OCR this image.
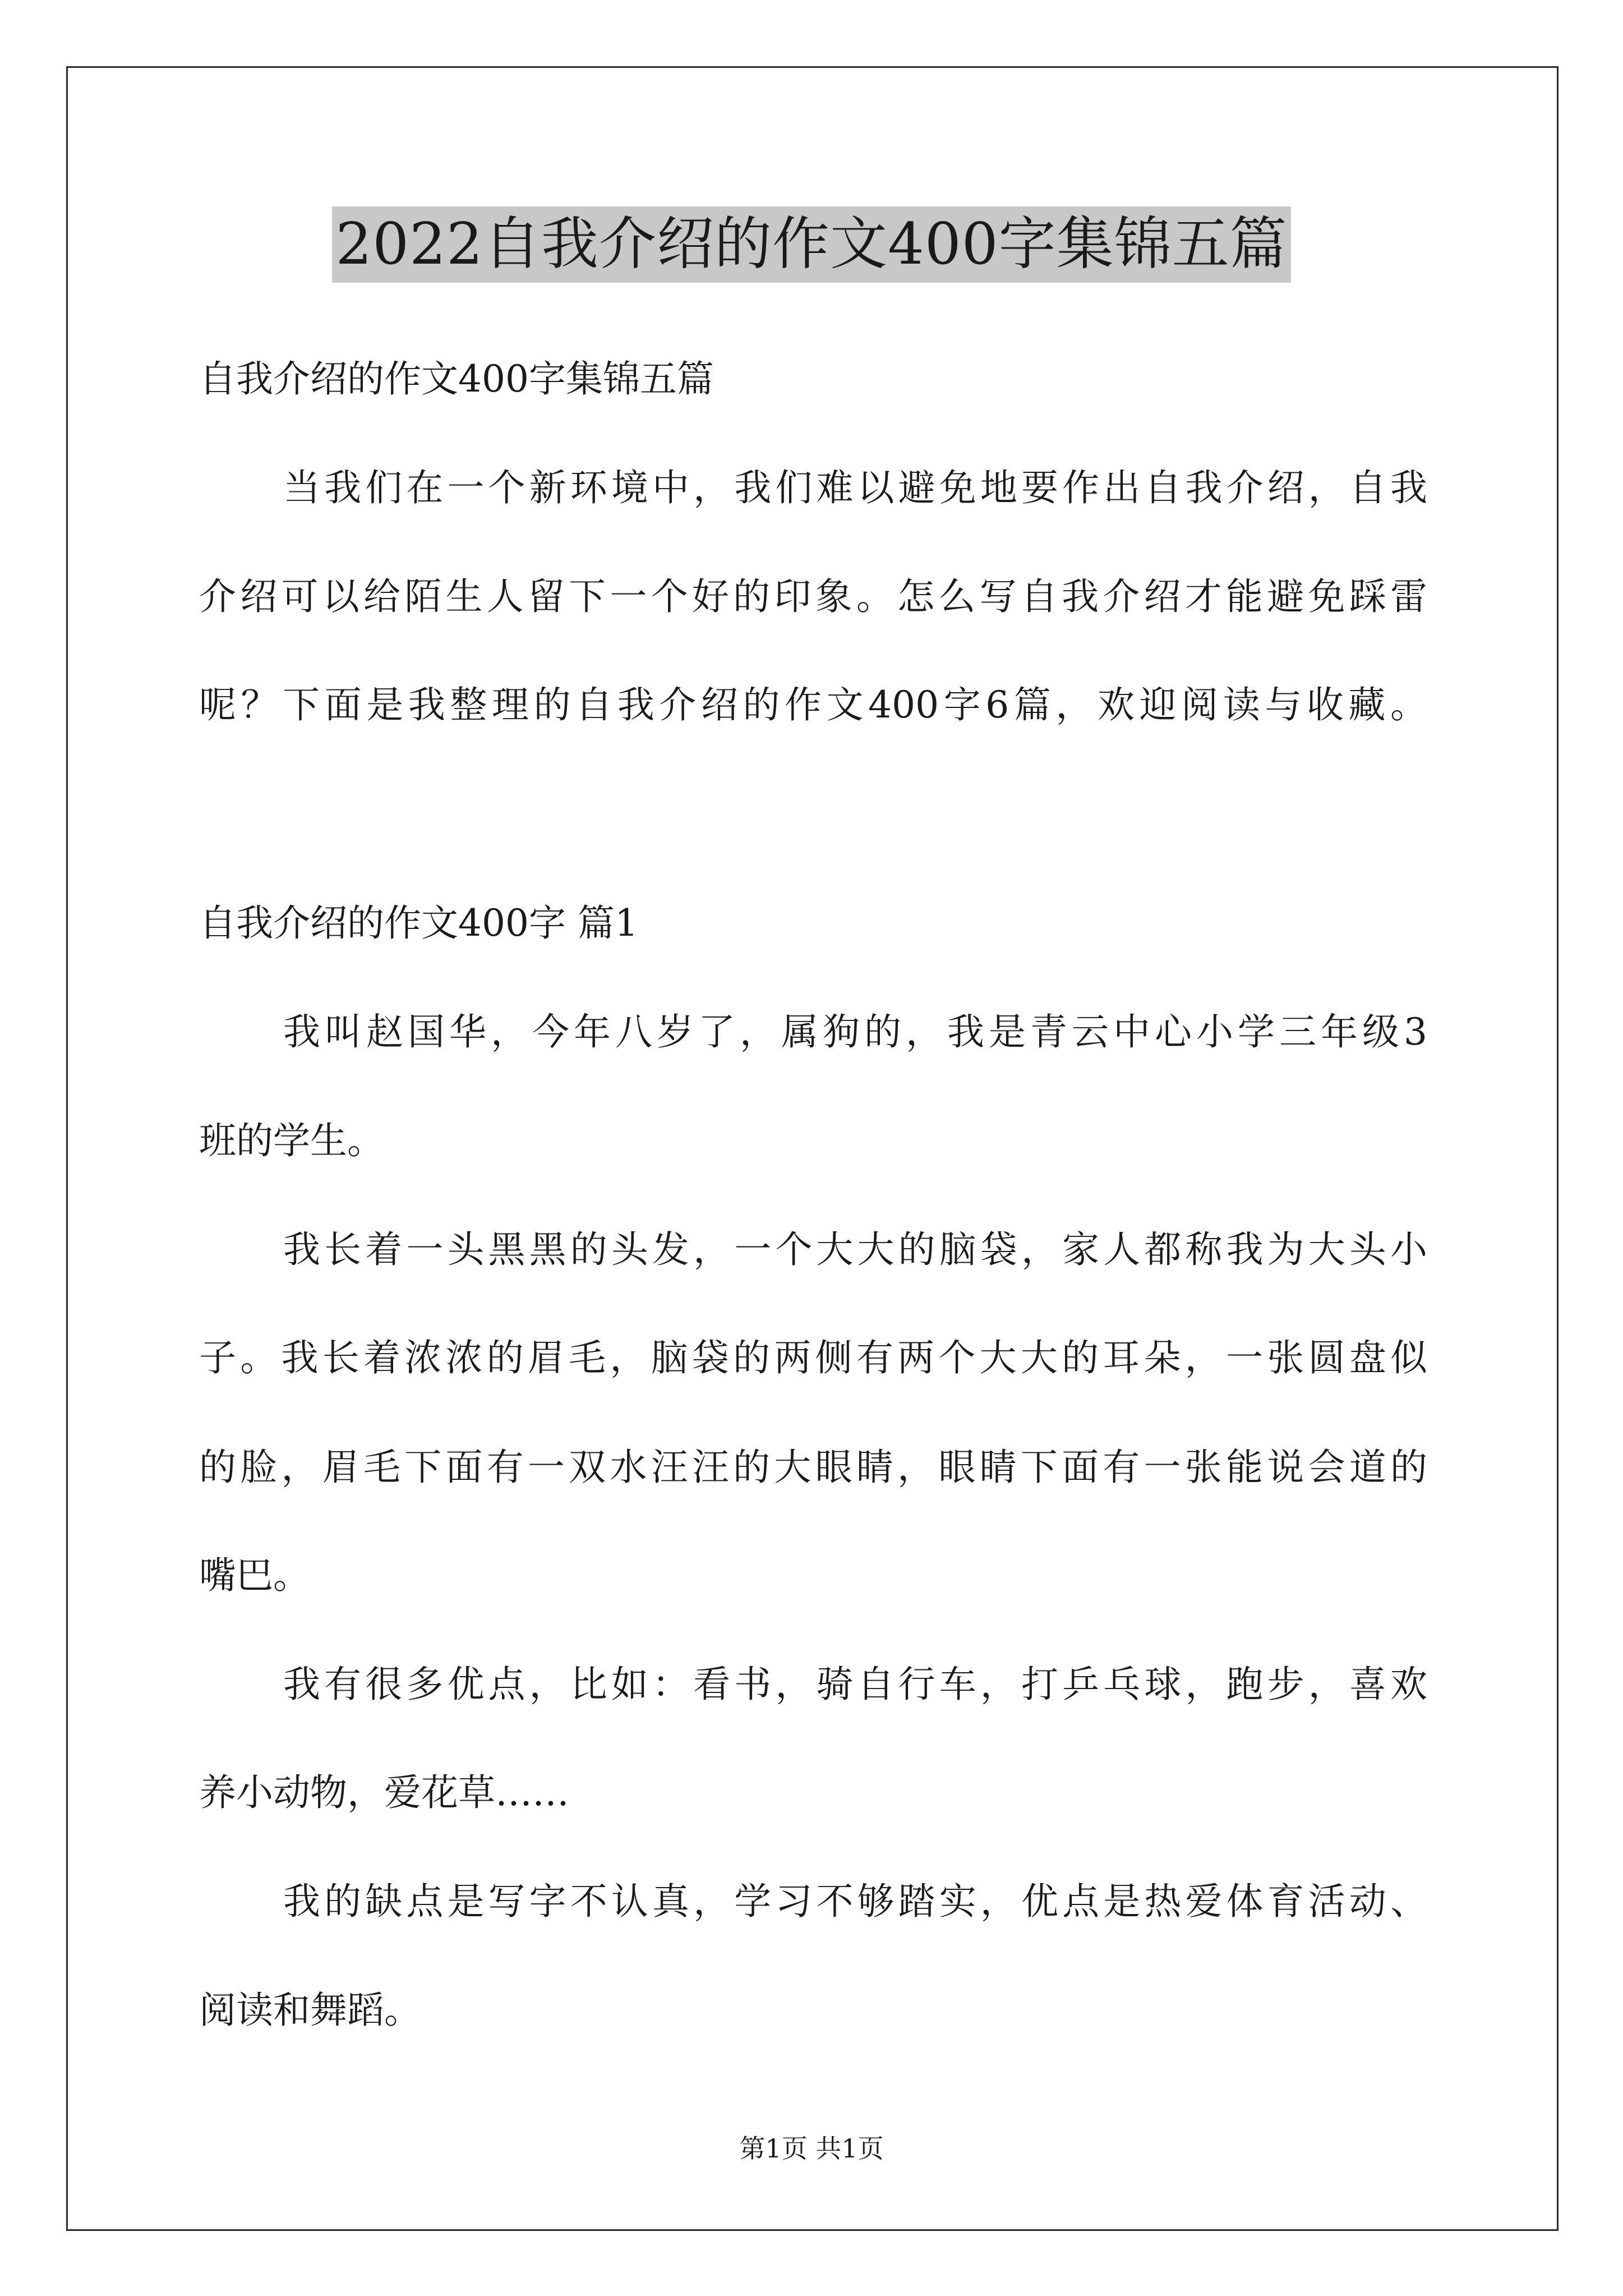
2022自我介绍的作文400字集锦五篇
自我介绍的作文400字集锦五篇
当我们在一个新环境中，我们难以避免地要作出自我介绍，自我
介绍可以给陌生人留下一个好的印象。怎么写自我介绍才能避免踩雷
呢？下面是我整理的自我介绍的作文400字6篇，欢迎阅读与收藏。
自我介绍的作文400字 篇1
我叫赵国华，今年八岁了，属狗的，我是青云中心小学三年级3
班的学生。
我长着一头黑黑的头发，一个大大的脑袋，家人都称我为大头小
子。我长着浓浓的眉毛，脑袋的两侧有两个大大的耳朵，一张圆盘似
的脸，眉毛下面有一双水汪汪的大眼睛，眼睛下面有一张能说会道的
嘴巴。
我有很多优点，比如：看书，骑自行车，打乒乓球，跑步，喜欢
养小动物，爱花草……
我的缺点是写字不认真，学习不够踏实，优点是热爱体育活动、
阅读和舞蹈。
第1页 共1页
